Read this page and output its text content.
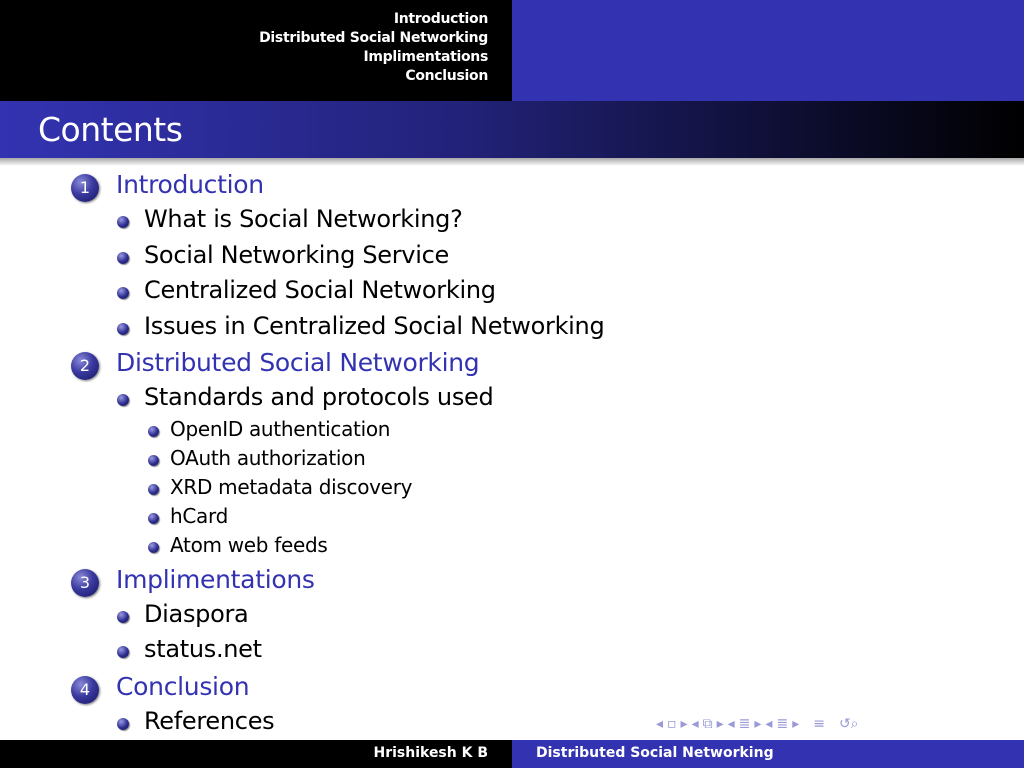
Introduction
Distributed Social Networking
Implimentations
Conclusion
Contents
1	Introduction
What is Social Networking?
Social Networking Service
Centralized Social Networking
Issues in Centralized Social Networking
2	Distributed Social Networking
Standards and protocols used
OpenID authentication
OAuth authorization
XRD metadata discovery
hCard
Atom web feeds
3	Implimentations
Diaspora
status.net
4	Conclusion
References	◂ ▫ ▸ ◂ ⧉ ▸ ◂ ≣ ▸ ◂ ≣ ▸ ≡ ↺⌕
Hrishikesh K B	Distributed Social Networking
